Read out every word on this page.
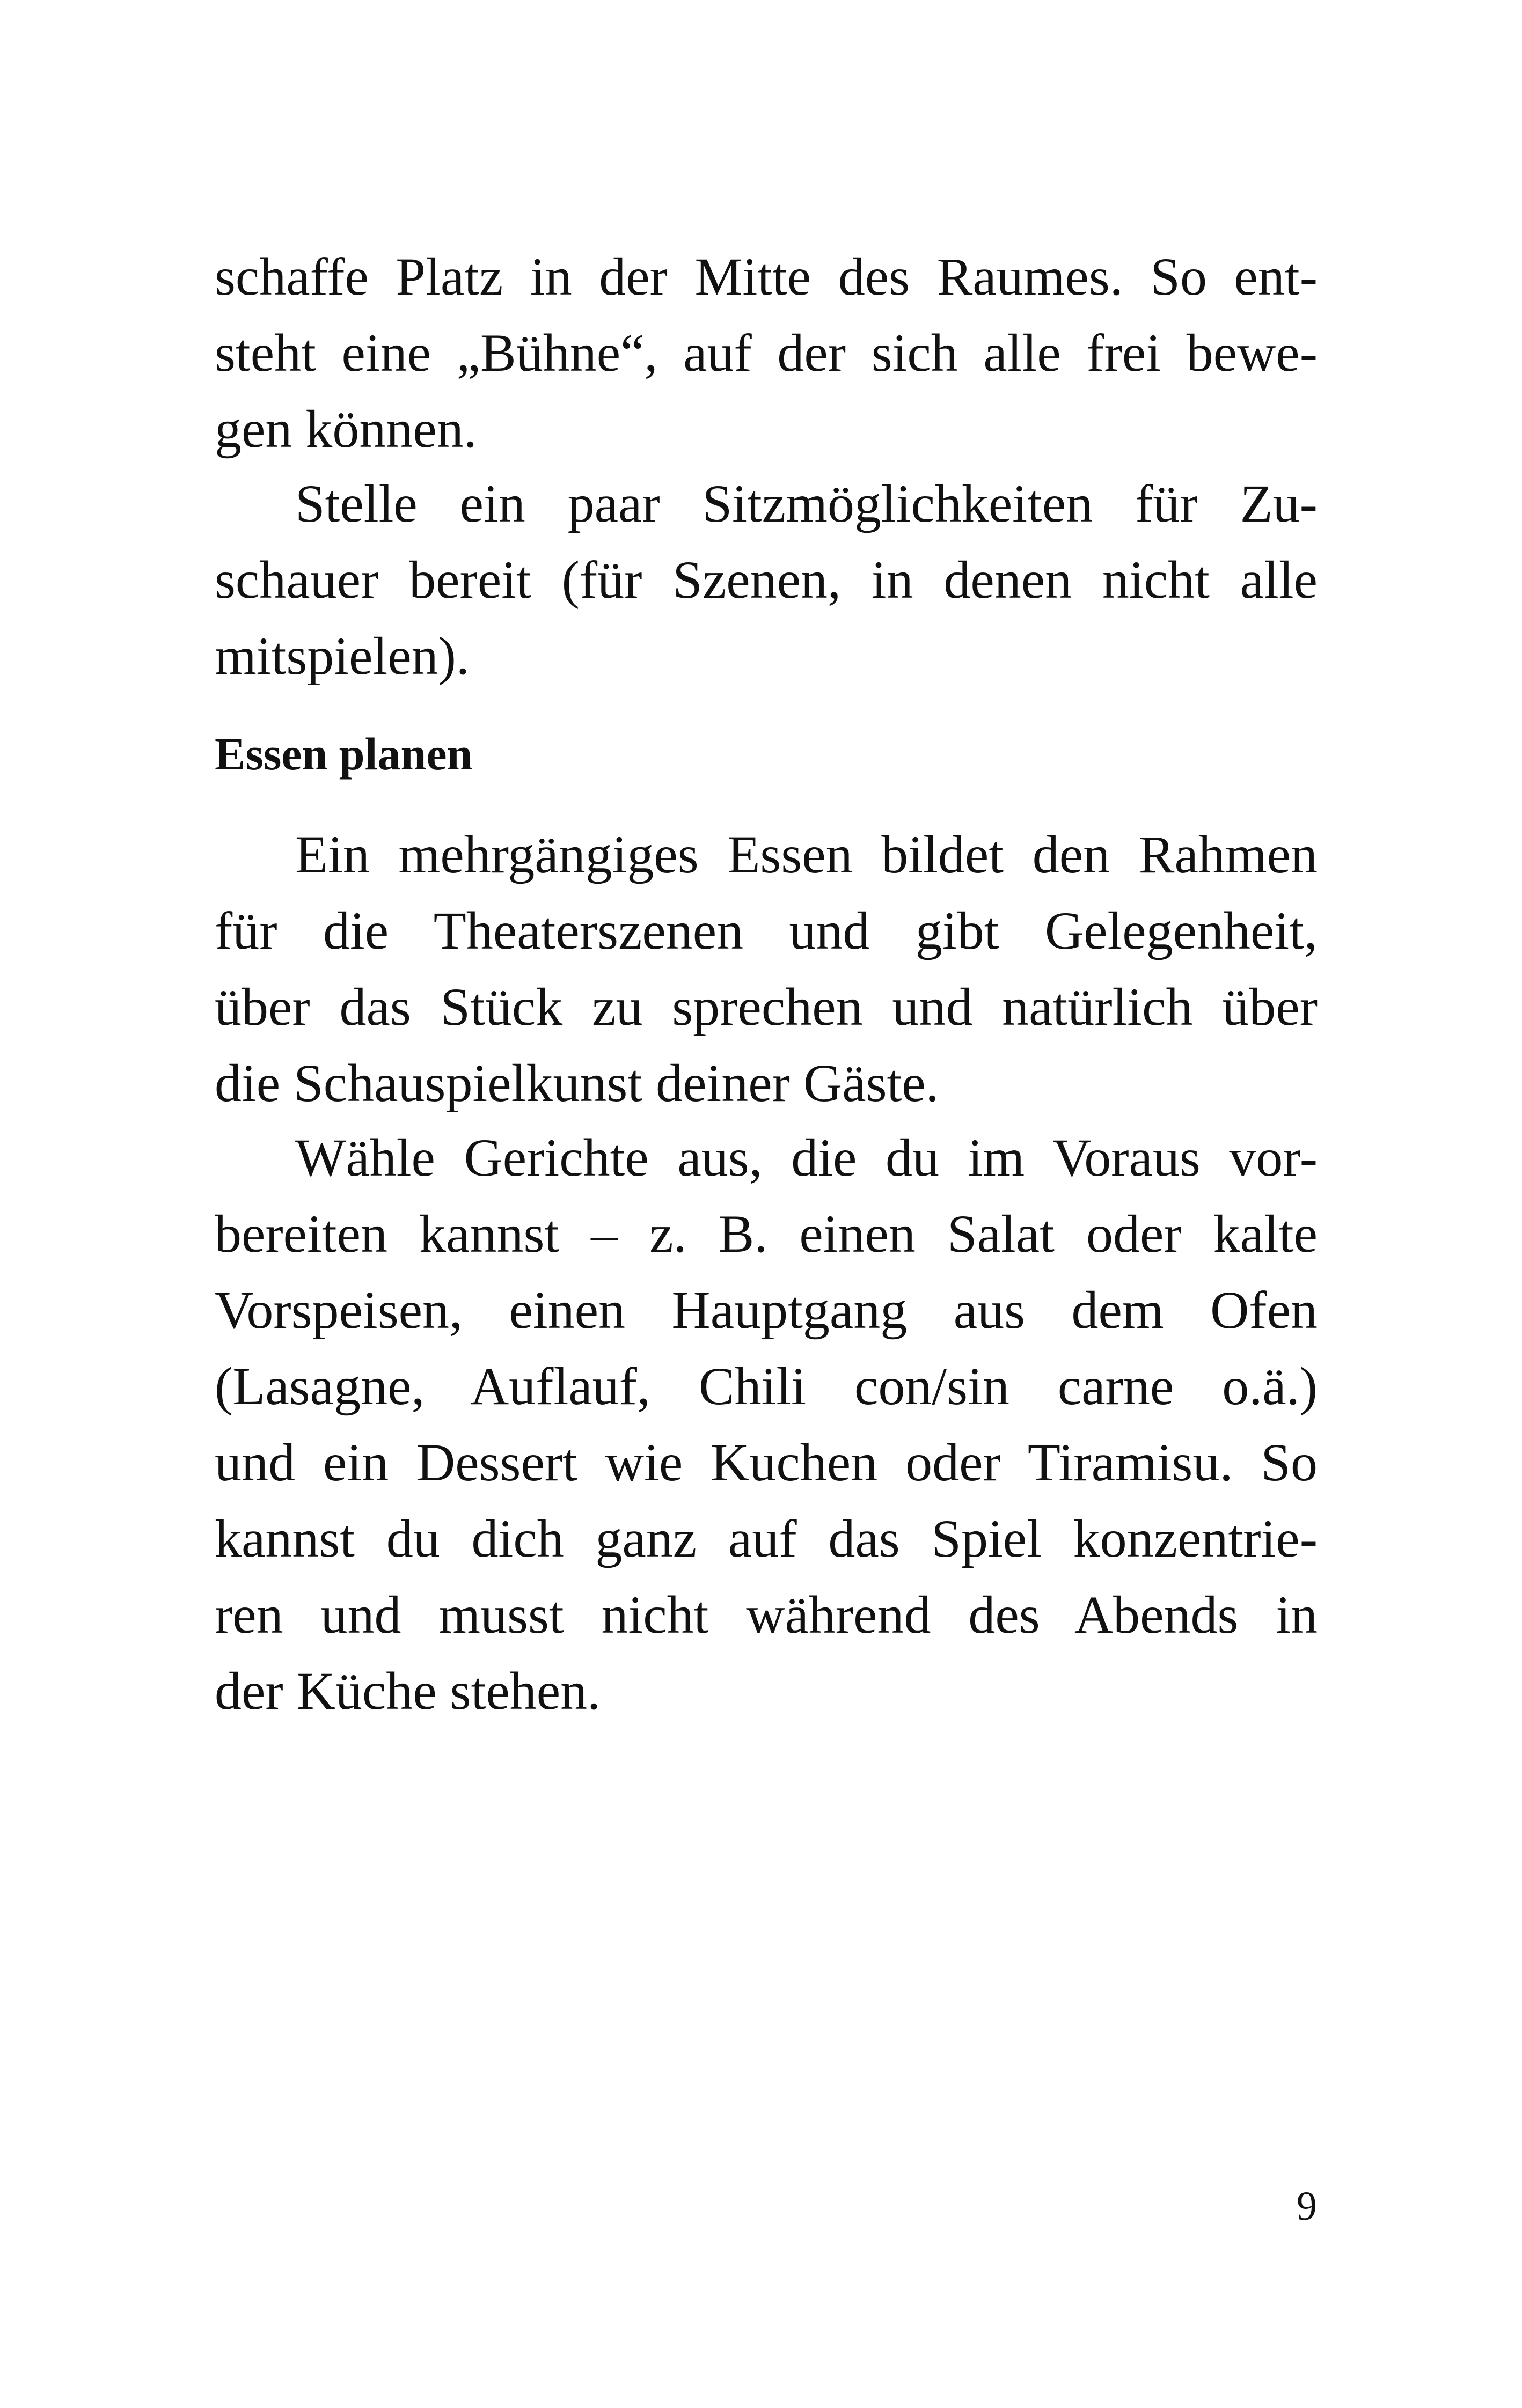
schaffe Platz in der Mitte des Raumes. So ent-
steht eine „Bühne“, auf der sich alle frei bewe-
gen können.
  Stelle ein paar Sitzmöglichkeiten für Zu-
schauer bereit (für Szenen, in denen nicht alle
mitspielen).
Essen planen
  Ein mehrgängiges Essen bildet den Rahmen
für die Theaterszenen und gibt Gelegenheit,
über das Stück zu sprechen und natürlich über
die Schauspielkunst deiner Gäste.
  Wähle Gerichte aus, die du im Voraus vor-
bereiten kannst – z. B. einen Salat oder kalte
Vorspeisen, einen Hauptgang aus dem Ofen
(Lasagne, Auflauf, Chili con/sin carne o.ä.)
und ein Dessert wie Kuchen oder Tiramisu. So
kannst du dich ganz auf das Spiel konzentrie-
ren und musst nicht während des Abends in
der Küche stehen.
9
